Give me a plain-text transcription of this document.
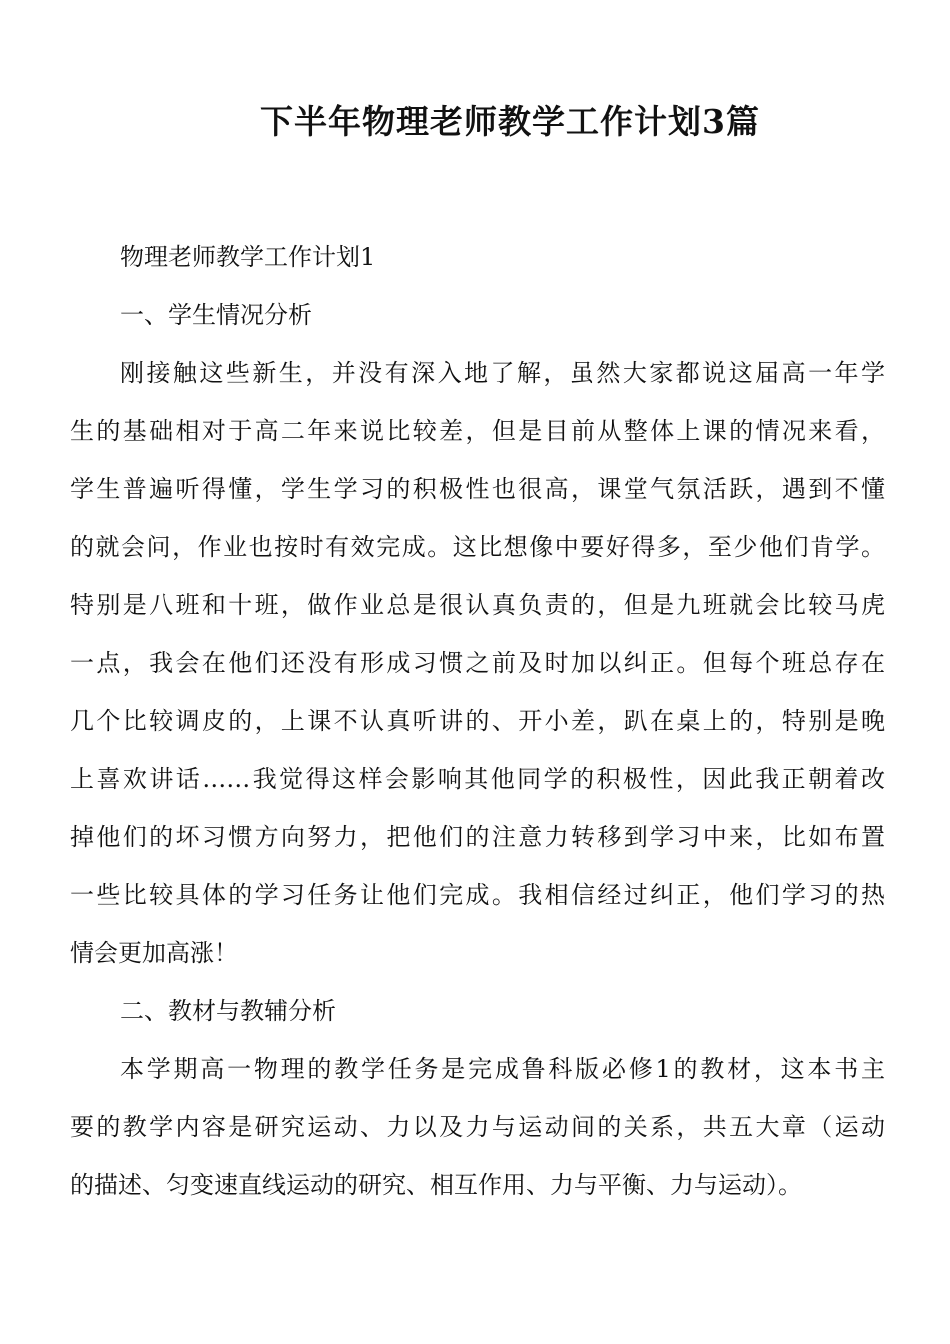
下半年物理老师教学工作计划3篇
物理老师教学工作计划1
一、学生情况分析
刚接触这些新生，并没有深入地了解，虽然大家都说这届高一年学
生的基础相对于高二年来说比较差，但是目前从整体上课的情况来看，
学生普遍听得懂，学生学习的积极性也很高，课堂气氛活跃，遇到不懂
的就会问，作业也按时有效完成。这比想像中要好得多，至少他们肯学。
特别是八班和十班，做作业总是很认真负责的，但是九班就会比较马虎
一点，我会在他们还没有形成习惯之前及时加以纠正。但每个班总存在
几个比较调皮的，上课不认真听讲的、开小差，趴在桌上的，特别是晚
上喜欢讲话……我觉得这样会影响其他同学的积极性，因此我正朝着改
掉他们的坏习惯方向努力，把他们的注意力转移到学习中来，比如布置
一些比较具体的学习任务让他们完成。我相信经过纠正，他们学习的热
情会更加高涨！
二、教材与教辅分析
本学期高一物理的教学任务是完成鲁科版必修1的教材，这本书主
要的教学内容是研究运动、力以及力与运动间的关系，共五大章（运动
的描述、匀变速直线运动的研究、相互作用、力与平衡、力与运动）。
